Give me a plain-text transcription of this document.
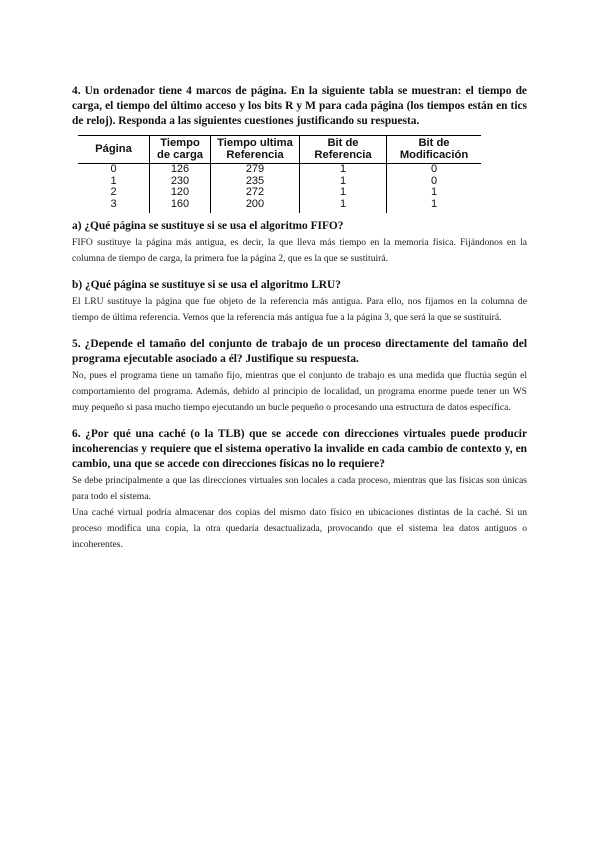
4. Un ordenador tiene 4 marcos de página. En la siguiente tabla se muestran: el tiempo de carga, el tiempo del último acceso y los bits R y M para cada página (los tiempos están en tics de reloj). Responda a las siguientes cuestiones justificando su respuesta.

Página	Tiempo de carga	Tiempo ultima Referencia	Bit de Referencia	Bit de Modificación
0	126	279	1	0
1	230	235	1	0
2	120	272	1	1
3	160	200	1	1

a) ¿Qué página se sustituye si se usa el algoritmo FIFO?

FIFO sustituye la página más antigua, es decir, la que lleva más tiempo en la memoria física. Fijándonos en la columna de tiempo de carga, la primera fue la página 2, que es la que se sustituirá.

b) ¿Qué página se sustituye si se usa el algoritmo LRU?

El LRU sustituye la página que fue objeto de la referencia más antigua. Para ello, nos fijamos en la columna de tiempo de última referencia. Vemos que la referencia más antigua fue a la página 3, que será la que se sustituirá.

5. ¿Depende el tamaño del conjunto de trabajo de un proceso directamente del tamaño del programa ejecutable asociado a él? Justifique su respuesta.

No, pues el programa tiene un tamaño fijo, mientras que el conjunto de trabajo es una medida que fluctúa según el comportamiento del programa. Además, debido al principio de localidad, un programa enorme puede tener un WS muy pequeño si pasa mucho tiempo ejecutando un bucle pequeño o procesando una estructura de datos específica.

6. ¿Por qué una caché (o la TLB) que se accede con direcciones virtuales puede producir incoherencias y requiere que el sistema operativo la invalide en cada cambio de contexto y, en cambio, una que se accede con direcciones físicas no lo requiere?

Se debe principalmente a que las direcciones virtuales son locales a cada proceso, mientras que las físicas son únicas para todo el sistema.

Una caché virtual podría almacenar dos copias del mismo dato físico en ubicaciones distintas de la caché. Si un proceso modifica una copia, la otra quedaría desactualizada, provocando que el sistema lea datos antiguos o incoherentes.
